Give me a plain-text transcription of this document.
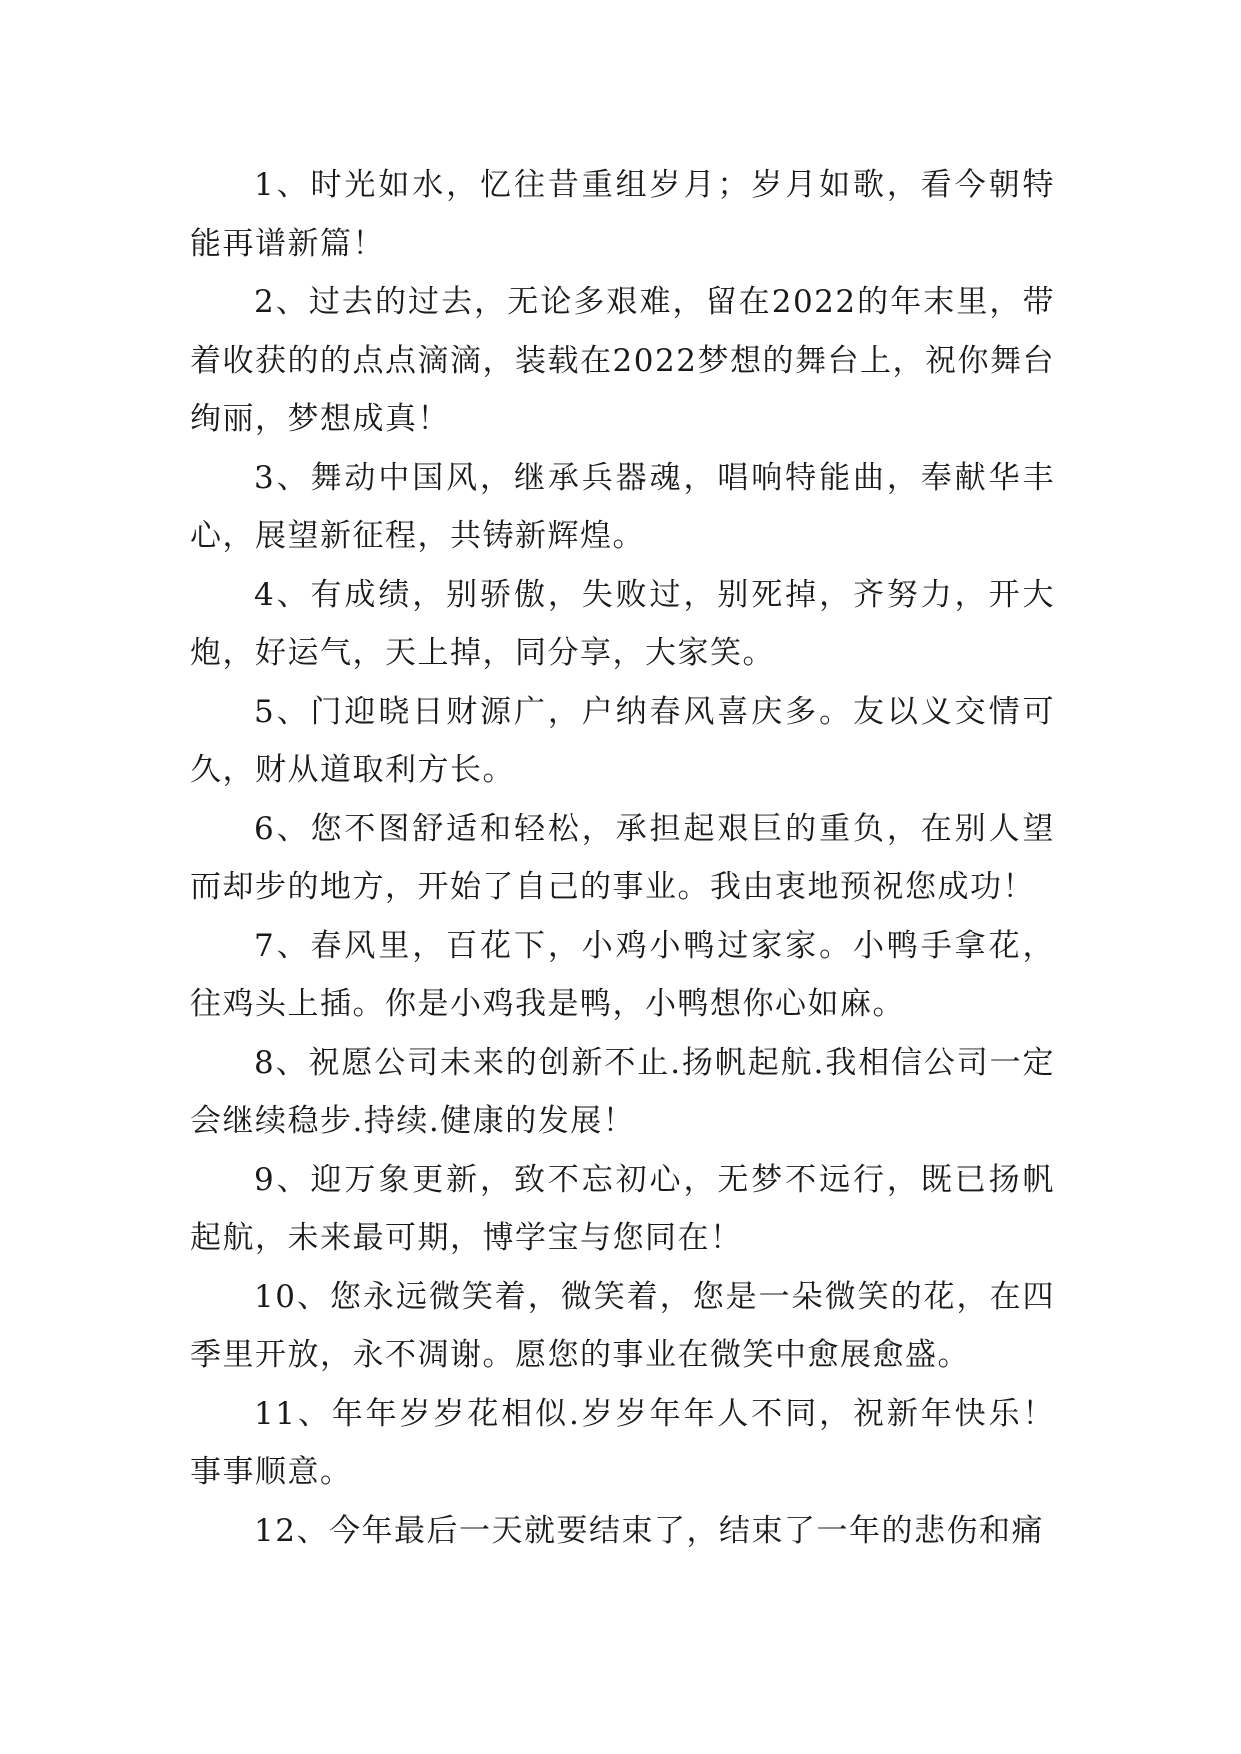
1、时光如水，忆往昔重组岁月；岁月如歌，看今朝特能再谱新篇！

2、过去的过去，无论多艰难，留在2022的年末里，带着收获的的点点滴滴，装载在2022梦想的舞台上，祝你舞台绚丽，梦想成真！

3、舞动中国风，继承兵器魂，唱响特能曲，奉献华丰心，展望新征程，共铸新辉煌。

4、有成绩，别骄傲，失败过，别死掉，齐努力，开大炮，好运气，天上掉，同分享，大家笑。

5、门迎晓日财源广，户纳春风喜庆多。友以义交情可久，财从道取利方长。

6、您不图舒适和轻松，承担起艰巨的重负，在别人望而却步的地方，开始了自己的事业。我由衷地预祝您成功！

7、春风里，百花下，小鸡小鸭过家家。小鸭手拿花，往鸡头上插。你是小鸡我是鸭，小鸭想你心如麻。

8、祝愿公司未来的创新不止.扬帆起航.我相信公司一定会继续稳步.持续.健康的发展！

9、迎万象更新，致不忘初心，无梦不远行，既已扬帆起航，未来最可期，博学宝与您同在！

10、您永远微笑着，微笑着，您是一朵微笑的花，在四季里开放，永不凋谢。愿您的事业在微笑中愈展愈盛。

11、年年岁岁花相似.岁岁年年人不同，祝新年快乐！事事顺意。

12、今年最后一天就要结束了，结束了一年的悲伤和痛
